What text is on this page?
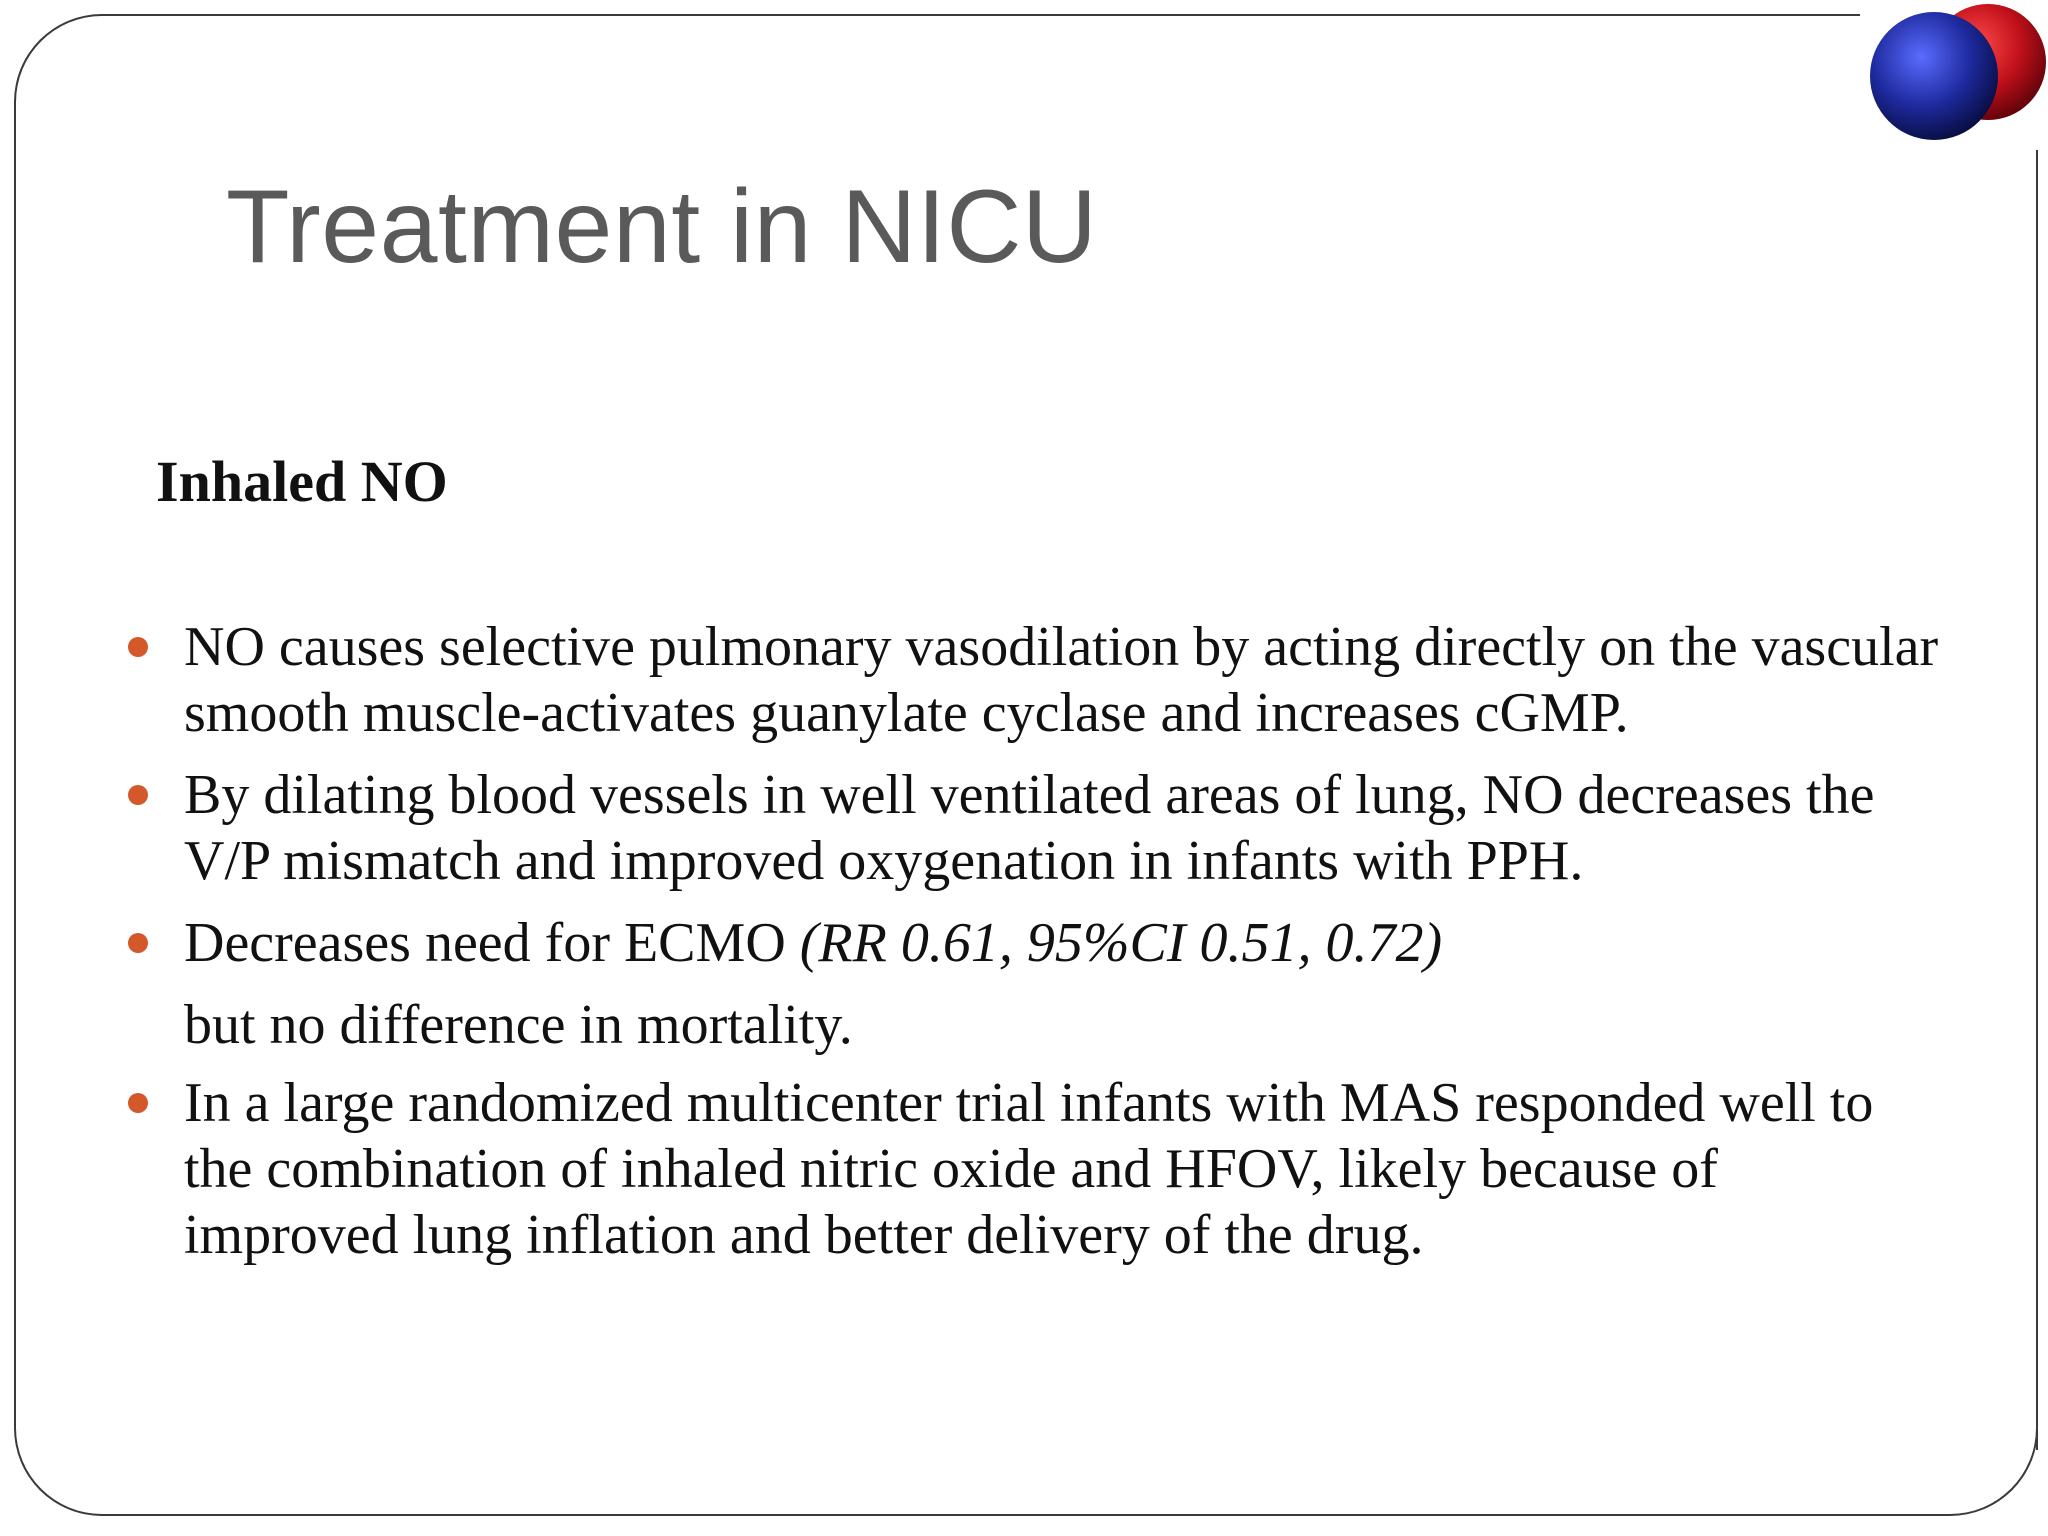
Treatment in NICU
Inhaled NO
NO causes selective pulmonary vasodilation by acting directly on the vascular smooth muscle-activates guanylate cyclase and increases cGMP.
By dilating blood vessels in well ventilated areas of lung, NO decreases the V/P mismatch and improved oxygenation in infants with PPH.
Decreases need for ECMO (RR 0.61, 95%CI 0.51, 0.72)
but no difference in mortality.
In a large randomized multicenter trial infants with MAS responded well to the combination of inhaled nitric oxide and HFOV, likely because of improved lung inflation and better delivery of the drug.
